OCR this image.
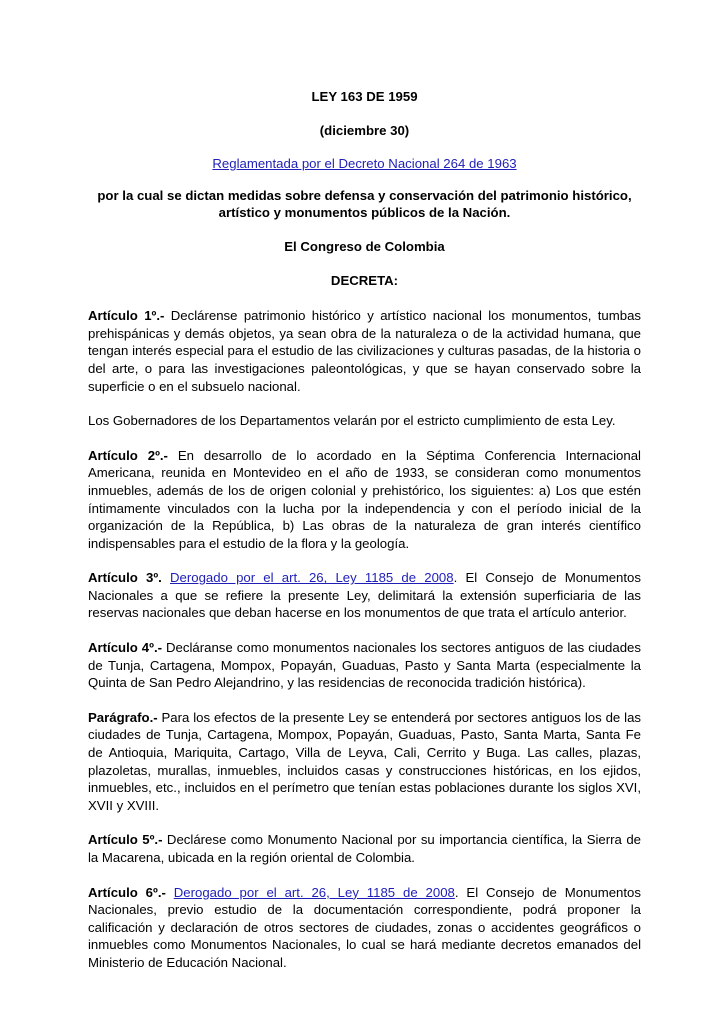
LEY 163 DE 1959

(diciembre 30)

Reglamentada por el Decreto Nacional 264 de 1963

por la cual se dictan medidas sobre defensa y conservación del patrimonio histórico, artístico y monumentos públicos de la Nación.

El Congreso de Colombia

DECRETA:

Artículo 1º.- Declárense patrimonio histórico y artístico nacional los monumentos, tumbas prehispánicas y demás objetos, ya sean obra de la naturaleza o de la actividad humana, que tengan interés especial para el estudio de las civilizaciones y culturas pasadas, de la historia o del arte, o para las investigaciones paleontológicas, y que se hayan conservado sobre la superficie o en el subsuelo nacional.

Los Gobernadores de los Departamentos velarán por el estricto cumplimiento de esta Ley.

Artículo 2º.- En desarrollo de lo acordado en la Séptima Conferencia Internacional Americana, reunida en Montevideo en el año de 1933, se consideran como monumentos inmuebles, además de los de origen colonial y prehistórico, los siguientes: a) Los que estén íntimamente vinculados con la lucha por la independencia y con el período inicial de la organización de la República, b) Las obras de la naturaleza de gran interés científico indispensables para el estudio de la flora y la geología.

Artículo 3º. Derogado por el art. 26, Ley 1185 de 2008. El Consejo de Monumentos Nacionales a que se refiere la presente Ley, delimitará la extensión superficiaria de las reservas nacionales que deban hacerse en los monumentos de que trata el artículo anterior.

Artículo 4º.- Decláranse como monumentos nacionales los sectores antiguos de las ciudades de Tunja, Cartagena, Mompox, Popayán, Guaduas, Pasto y Santa Marta (especialmente la Quinta de San Pedro Alejandrino, y las residencias de reconocida tradición histórica).

Parágrafo.- Para los efectos de la presente Ley se entenderá por sectores antiguos los de las ciudades de Tunja, Cartagena, Mompox, Popayán, Guaduas, Pasto, Santa Marta, Santa Fe de Antioquia, Mariquita, Cartago, Villa de Leyva, Cali, Cerrito y Buga. Las calles, plazas, plazoletas, murallas, inmuebles, incluidos casas y construcciones históricas, en los ejidos, inmuebles, etc., incluidos en el perímetro que tenían estas poblaciones durante los siglos XVI, XVII y XVIII.

Artículo 5º.- Declárese como Monumento Nacional por su importancia científica, la Sierra de la Macarena, ubicada en la región oriental de Colombia.

Artículo 6º.- Derogado por el art. 26, Ley 1185 de 2008. El Consejo de Monumentos Nacionales, previo estudio de la documentación correspondiente, podrá proponer la calificación y declaración de otros sectores de ciudades, zonas o accidentes geográficos o inmuebles como Monumentos Nacionales, lo cual se hará mediante decretos emanados del Ministerio de Educación Nacional.
